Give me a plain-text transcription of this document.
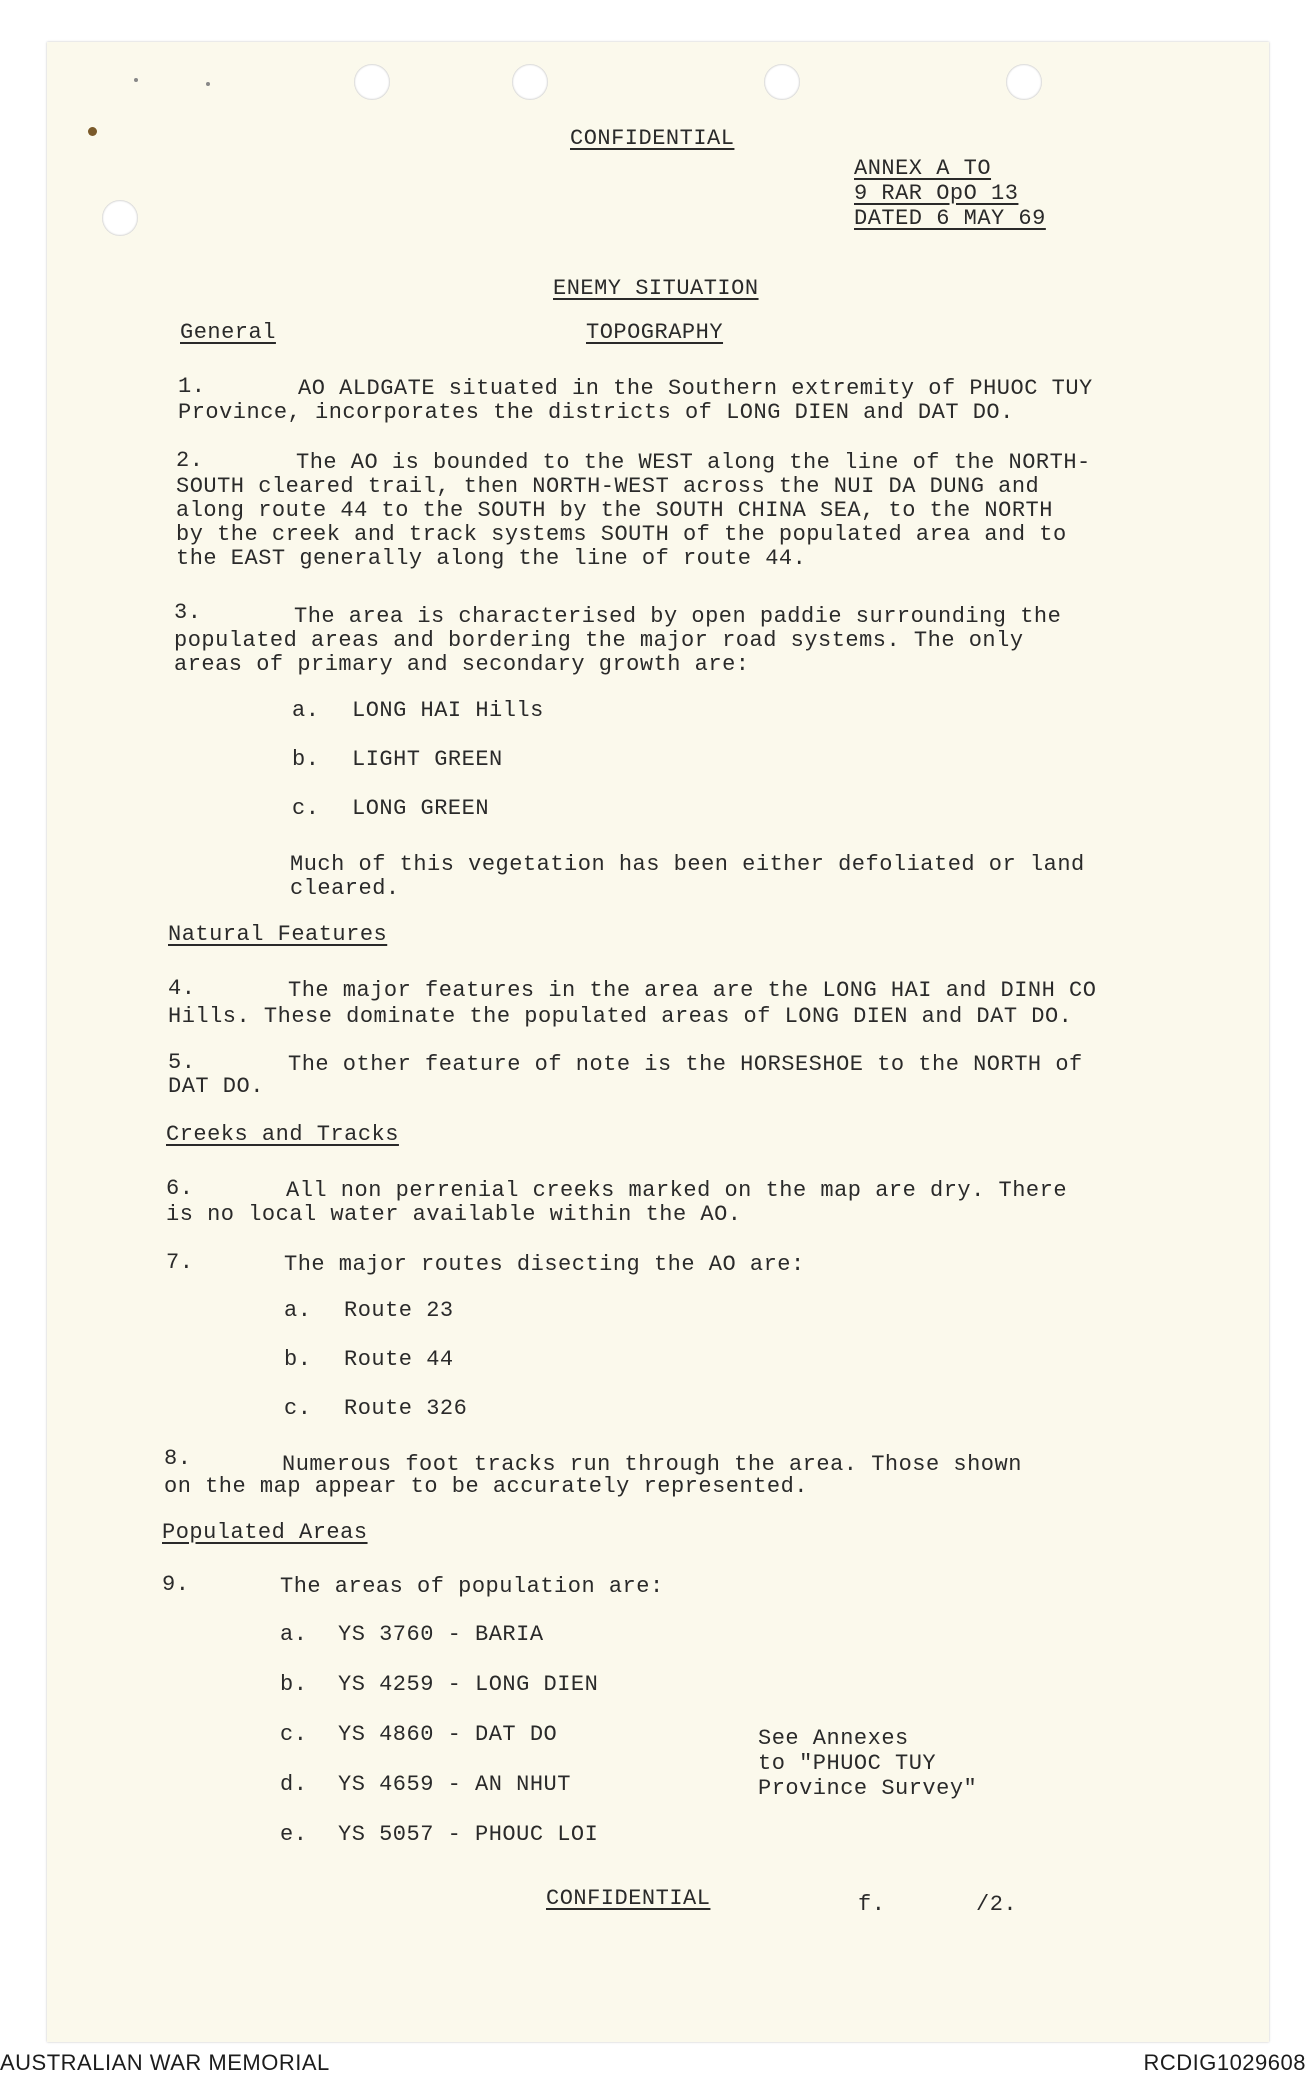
CONFIDENTIAL
ANNEX A TO
9 RAR OpO 13
DATED 6 MAY 69
ENEMY SITUATION
General	TOPOGRAPHY
1.	AO ALDGATE situated in the Southern extremity of PHUOC TUY
Province, incorporates the districts of LONG DIEN and DAT DO.
2.	The AO is bounded to the WEST along the line of the NORTH-
SOUTH cleared trail, then NORTH-WEST across the NUI DA DUNG and
along route 44 to the SOUTH by the SOUTH CHINA SEA, to the NORTH
by the creek and track systems SOUTH of the populated area and to
the EAST generally along the line of route 44.
3.	The area is characterised by open paddie surrounding the
populated areas and bordering the major road systems. The only
areas of primary and secondary growth are:
a. LONG HAI Hills
b. LIGHT GREEN
c. LONG GREEN
Much of this vegetation has been either defoliated or land
cleared.
Natural Features
4.	The major features in the area are the LONG HAI and DINH CO
Hills. These dominate the populated areas of LONG DIEN and DAT DO.
5.	The other feature of note is the HORSESHOE to the NORTH of
DAT DO.
Creeks and Tracks
6.	All non perrenial creeks marked on the map are dry. There
is no local water available within the AO.
7.	The major routes disecting the AO are:
a. Route 23
b. Route 44
c. Route 326
8.	Numerous foot tracks run through the area. Those shown
on the map appear to be accurately represented.
Populated Areas
9.	The areas of population are:
a. YS 3760 - BARIA
b. YS 4259 - LONG DIEN
c. YS 4860 - DAT DO
d. YS 4659 - AN NHUT
e. YS 5057 - PHOUC LOI
See Annexes
to "PHUOC TUY
Province Survey"
CONFIDENTIAL	f.	/2.
AUSTRALIAN WAR MEMORIAL	RCDIG1029608
